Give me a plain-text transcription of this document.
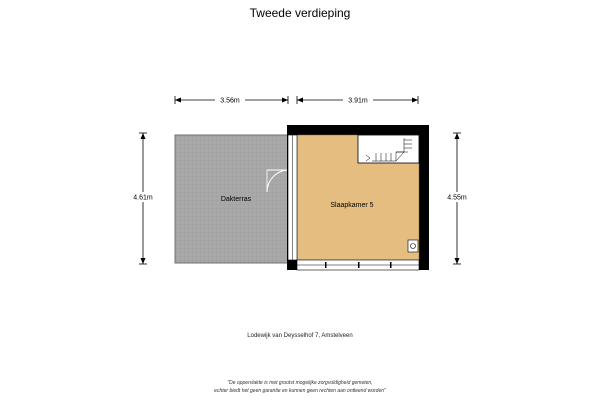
Tweede verdieping
3.56m	3.91m
4.61m	4.55m
Dakterras
Slaapkamer 5
Lodewijk van Deysselhof 7, Amstelveen
"De oppervlakte is met grootst mogelijke zorgvuldigheid gemeten,
echter biedt het geen garantie en kunnen geen rechten aan ontleend worden"
